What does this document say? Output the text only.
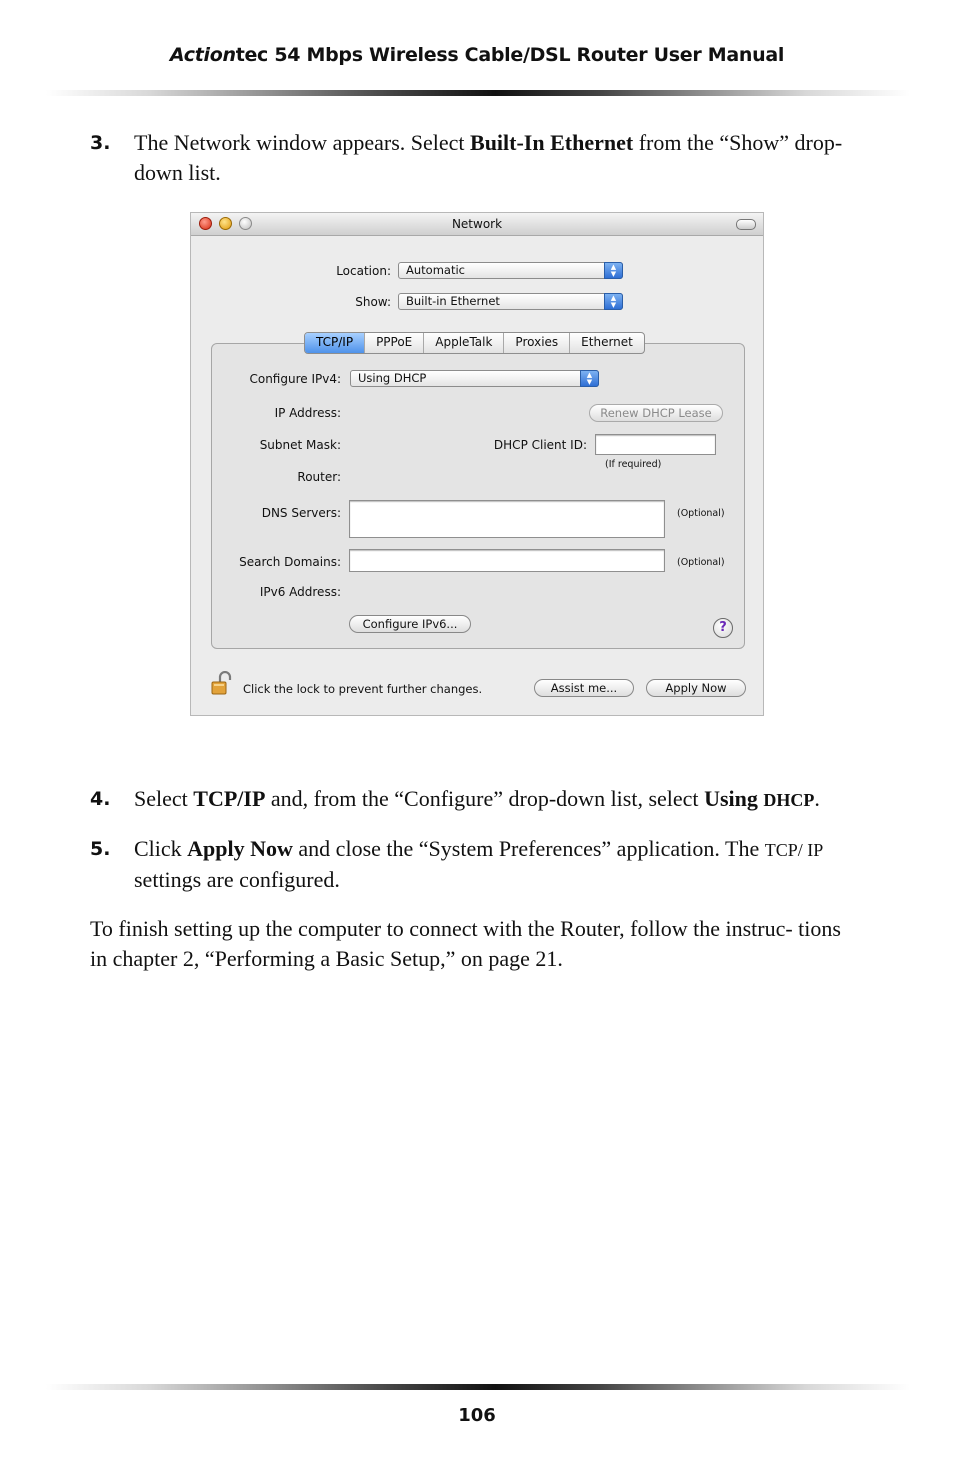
Actiontec 54 Mbps Wireless Cable/DSL Router User Manual
3. The Network window appears. Select Built-In Ethernet from the “Show” drop-down list.
Network
Location:	Automatic	▲
▼
Show:	Built-in Ethernet	▲
▼
TCP/IP	PPPoE	AppleTalk	Proxies	Ethernet
Configure IPv4:	Using DHCP	▲
▼
IP Address:	Renew DHCP Lease
Subnet Mask:	DHCP Client ID:
(If required)
Router:
DNS Servers:	(Optional)
Search Domains:	(Optional)
IPv6 Address:
Configure IPv6...	?
Click the lock to prevent further changes.	Assist me...	Apply Now
4. Select TCP/IP and, from the “Configure” drop-down list, select Using DHCP.
5. Click Apply Now and close the “System Preferences” application. The TCP/ IP settings are configured.
To finish setting up the computer to connect with the Router, follow the instruc- tions in chapter 2, “Performing a Basic Setup,” on page 21.
106
